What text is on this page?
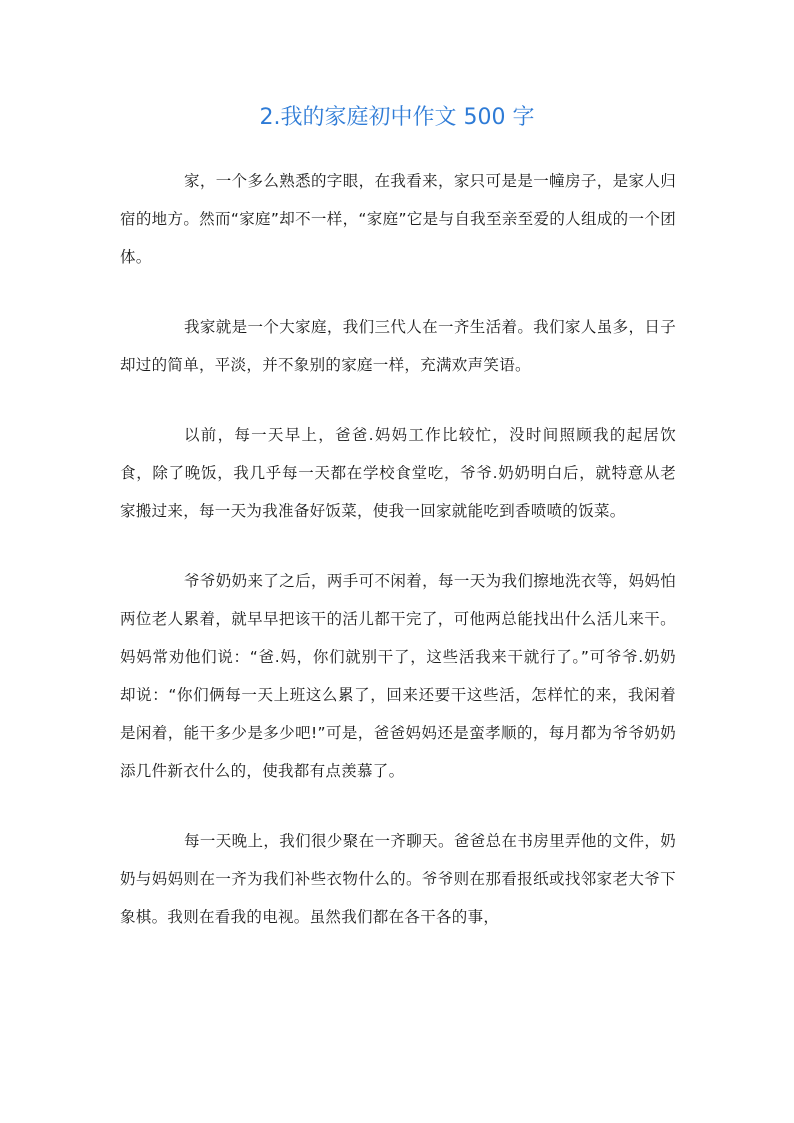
2.我的家庭初中作文 500 字

家，一个多么熟悉的字眼，在我看来，家只可是是一幢房子，是家人归宿的地方。然而“家庭”却不一样，“家庭”它是与自我至亲至爱的人组成的一个团体。

我家就是一个大家庭，我们三代人在一齐生活着。我们家人虽多，日子却过的简单，平淡，并不象别的家庭一样，充满欢声笑语。

以前，每一天早上，爸爸.妈妈工作比较忙，没时间照顾我的起居饮食，除了晚饭，我几乎每一天都在学校食堂吃，爷爷.奶奶明白后，就特意从老家搬过来，每一天为我准备好饭菜，使我一回家就能吃到香喷喷的饭菜。

爷爷奶奶来了之后，两手可不闲着，每一天为我们擦地洗衣等，妈妈怕两位老人累着，就早早把该干的活儿都干完了，可他两总能找出什么活儿来干。妈妈常劝他们说：“爸.妈，你们就别干了，这些活我来干就行了。”可爷爷.奶奶却说：“你们俩每一天上班这么累了，回来还要干这些活，怎样忙的来，我闲着是闲着，能干多少是多少吧!”可是，爸爸妈妈还是蛮孝顺的，每月都为爷爷奶奶添几件新衣什么的，使我都有点羡慕了。

每一天晚上，我们很少聚在一齐聊天。爸爸总在书房里弄他的文件，奶奶与妈妈则在一齐为我们补些衣物什么的。爷爷则在那看报纸或找邻家老大爷下象棋。我则在看我的电视。虽然我们都在各干各的事，
